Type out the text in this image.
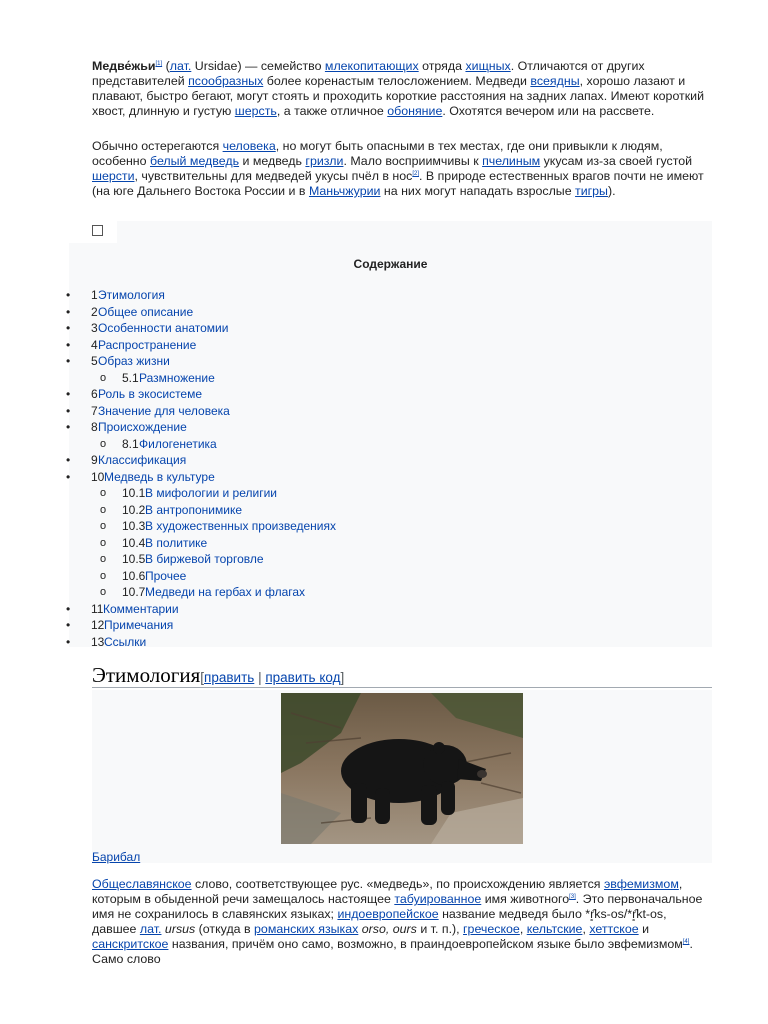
Медве́жьи[1] (лат. Ursidae) — семейство млекопитающих отряда хищных. Отличаются от других представителей псообразных более коренастым телосложением. Медведи всеядны, хорошо лазают и плавают, быстро бегают, могут стоять и проходить короткие расстояния на задних лапах. Имеют короткий хвост, длинную и густую шерсть, а также отличное обоняние. Охотятся вечером или на рассвете.
Обычно остерегаются человека, но могут быть опасными в тех местах, где они привыкли к людям, особенно белый медведь и медведь гризли. Мало восприимчивы к пчелиным укусам из-за своей густой шерсти, чувствительны для медведей укусы пчёл в нос[2]. В природе естественных врагов почти не имеют (на юге Дальнего Востока России и в Маньчжурии на них могут нападать взрослые тигры).
Содержание
• 1 Этимология
• 2 Общее описание
• 3 Особенности анатомии
• 4 Распространение
• 5 Образ жизни
o 5.1 Размножение
• 6 Роль в экосистеме
• 7 Значение для человека
• 8 Происхождение
o 8.1 Филогенетика
• 9 Классификация
• 10 Медведь в культуре
o 10.1 В мифологии и религии
o 10.2 В антропонимике
o 10.3 В художественных произведениях
o 10.4 В политике
o 10.5 В биржевой торговле
o 10.6 Прочее
o 10.7 Медведи на гербах и флагах
• 11 Комментарии
• 12 Примечания
• 13 Ссылки
Этимология[править | править код]
Барибал
Общеславянское слово, соответствующее рус. «медведь», по происхождению является эвфемизмом, которым в обыденной речи замещалось настоящее табуированное имя животного[3]. Это первоначальное имя не сохранилось в славянских языках; индоевропейское название медведя было *r̥̂ks-os/*r̥̂kt-os, давшее лат. ursus (откуда в романских языках orso, ours и т. п.), греческое, кельтские, хеттское и санскритское названия, причём оно само, возможно, в праиндоевропейском языке было эвфемизмом[4]. Само слово
